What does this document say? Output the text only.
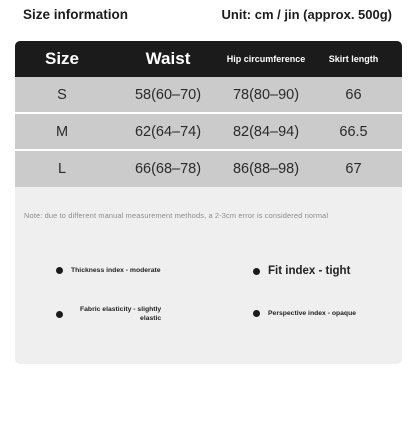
Size information	Unit: cm / jin (approx. 500g)
Size	Waist	Hip circumference	Skirt length
S	58(60–70)	78(80–90)	66
M	62(64–74)	82(84–94)	66.5
L	66(68–78)	86(88–98)	67
Note: due to different manual measurement methods, a 2-3cm error is considered normal
Thickness index - moderate	Fit index - tight
Fabric elasticity - slightly
elastic
Perspective index - opaque
